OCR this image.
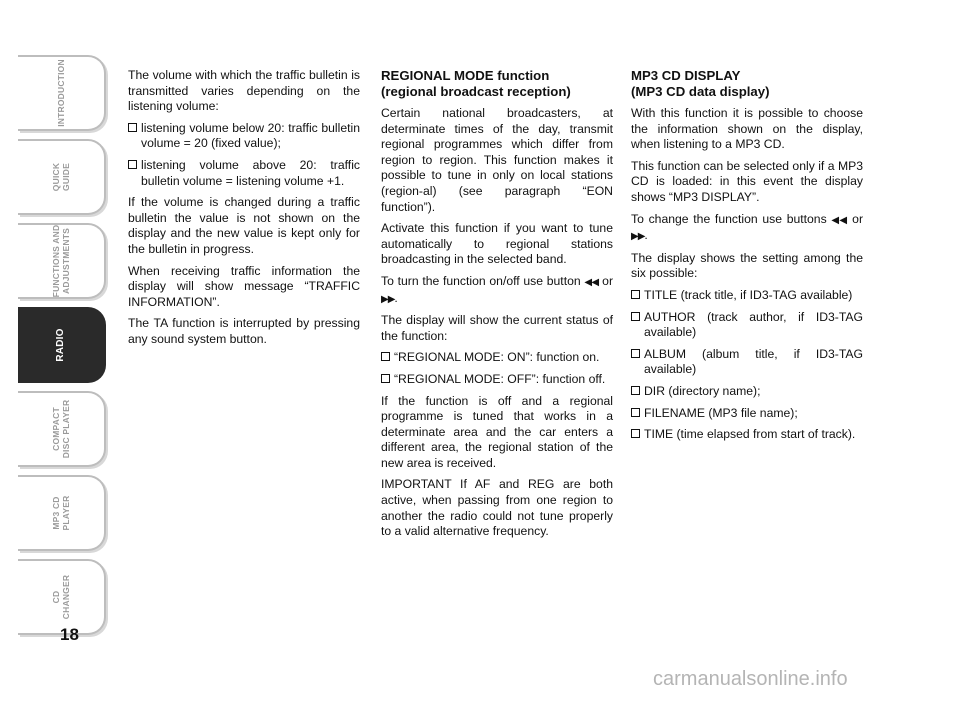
INTRODUCTION
QUICK
GUIDE
FUNCTIONS AND
ADJUSTMENTS
RADIO
COMPACT
DISC PLAYER
MP3 CD
PLAYER
CD
CHANGER
18

The volume with which the traffic bulletin is transmitted varies depending on the listening volume:

listening volume below 20: traffic bulletin volume = 20 (fixed value);

listening volume above 20: traffic bulletin volume = listening volume +1.

If the volume is changed during a traffic bulletin the value is not shown on the display and the new value is kept only for the bulletin in progress.

When receiving traffic information the display will show message “TRAFFIC INFORMATION”.

The TA function is interrupted by pressing any sound system button.

REGIONAL MODE function
(regional broadcast reception)

Certain national broadcasters, at determinate times of the day, transmit regional programmes which differ from region to region. This function makes it possible to tune in only on local stations (region-al) (see paragraph “EON function”).

Activate this function if you want to tune automatically to regional stations broadcasting in the selected band.

To turn the function on/off use button ◀◀ or ▶▶.

The display will show the current status of the function:

“REGIONAL MODE: ON”: function on.

“REGIONAL MODE: OFF”: function off.

If the function is off and a regional programme is tuned that works in a determinate area and the car enters a different area, the regional station of the new area is received.

IMPORTANT If AF and REG are both active, when passing from one region to another the radio could not tune properly to a valid alternative frequency.

MP3 CD DISPLAY
(MP3 CD data display)

With this function it is possible to choose the information shown on the display, when listening to a MP3 CD.

This function can be selected only if a MP3 CD is loaded: in this event the display shows “MP3 DISPLAY”.

To change the function use buttons ◀◀ or ▶▶.

The display shows the setting among the six possible:

TITLE (track title, if ID3-TAG available)

AUTHOR (track author, if ID3-TAG available)

ALBUM (album title, if ID3-TAG available)

DIR (directory name);

FILENAME (MP3 file name);

TIME (time elapsed from start of track).

carmanualsonline.info
